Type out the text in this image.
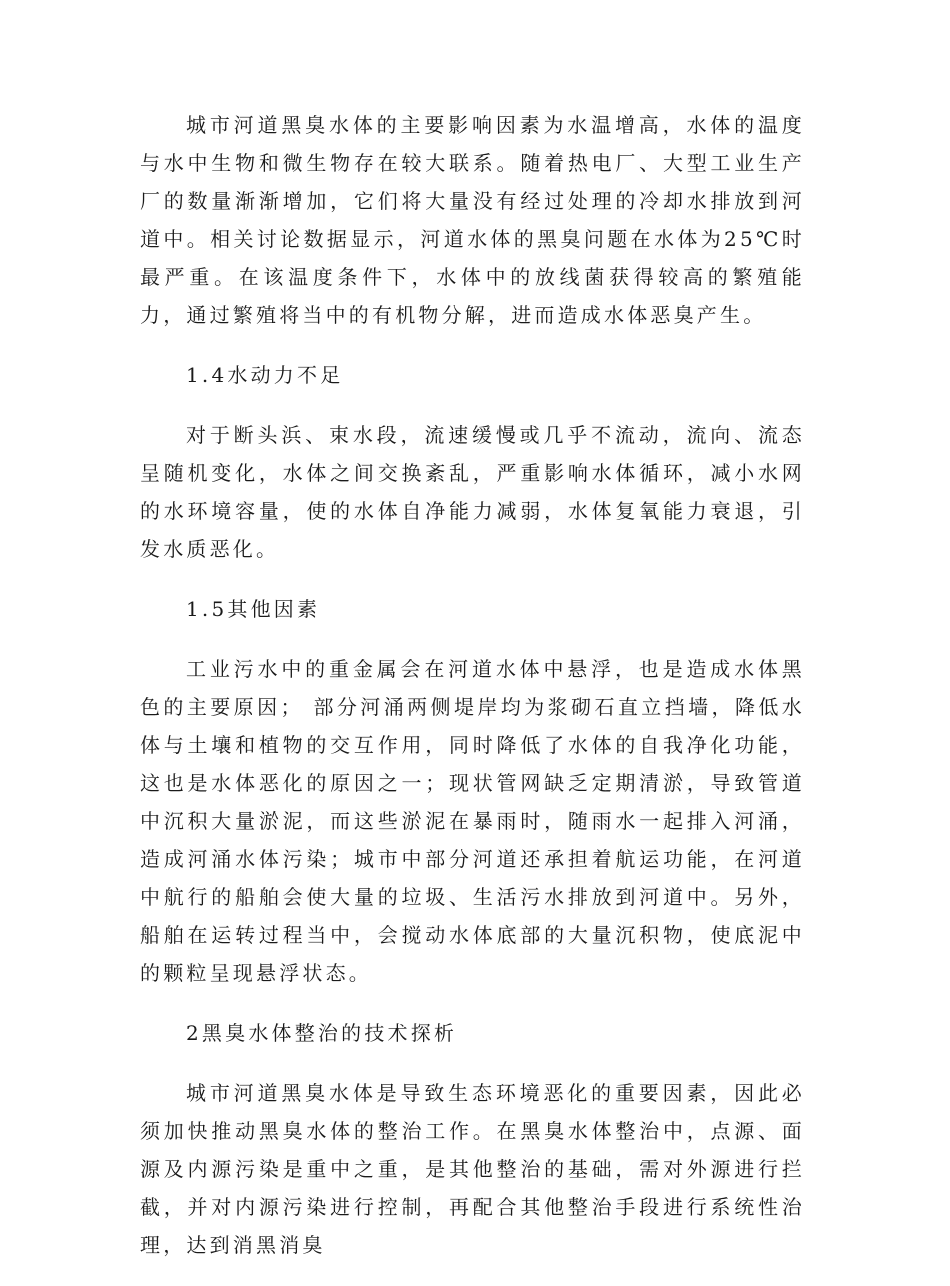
城市河道黑臭水体的主要影响因素为水温增高，水体的温度与水中生物和微生物存在较大联系。随着热电厂、大型工业生产厂的数量渐渐增加，它们将大量没有经过处理的冷却水排放到河道中。相关讨论数据显示，河道水体的黑臭问题在水体为25℃时最严重。在该温度条件下，水体中的放线菌获得较高的繁殖能力，通过繁殖将当中的有机物分解，进而造成水体恶臭产生。

1.4水动力不足

对于断头浜、束水段，流速缓慢或几乎不流动，流向、流态呈随机变化，水体之间交换紊乱，严重影响水体循环，减小水网的水环境容量，使的水体自净能力减弱，水体复氧能力衰退，引发水质恶化。

1.5其他因素

工业污水中的重金属会在河道水体中悬浮，也是造成水体黑色的主要原因； 部分河涌两侧堤岸均为浆砌石直立挡墙，降低水体与土壤和植物的交互作用，同时降低了水体的自我净化功能，这也是水体恶化的原因之一；现状管网缺乏定期清淤，导致管道中沉积大量淤泥，而这些淤泥在暴雨时，随雨水一起排入河涌，造成河涌水体污染；城市中部分河道还承担着航运功能，在河道中航行的船舶会使大量的垃圾、生活污水排放到河道中。另外，船舶在运转过程当中，会搅动水体底部的大量沉积物，使底泥中的颗粒呈现悬浮状态。

2黑臭水体整治的技术探析

城市河道黑臭水体是导致生态环境恶化的重要因素，因此必须加快推动黑臭水体的整治工作。在黑臭水体整治中，点源、面源及内源污染是重中之重，是其他整治的基础，需对外源进行拦截，并对内源污染进行控制，再配合其他整治手段进行系统性治理，达到消黑消臭
